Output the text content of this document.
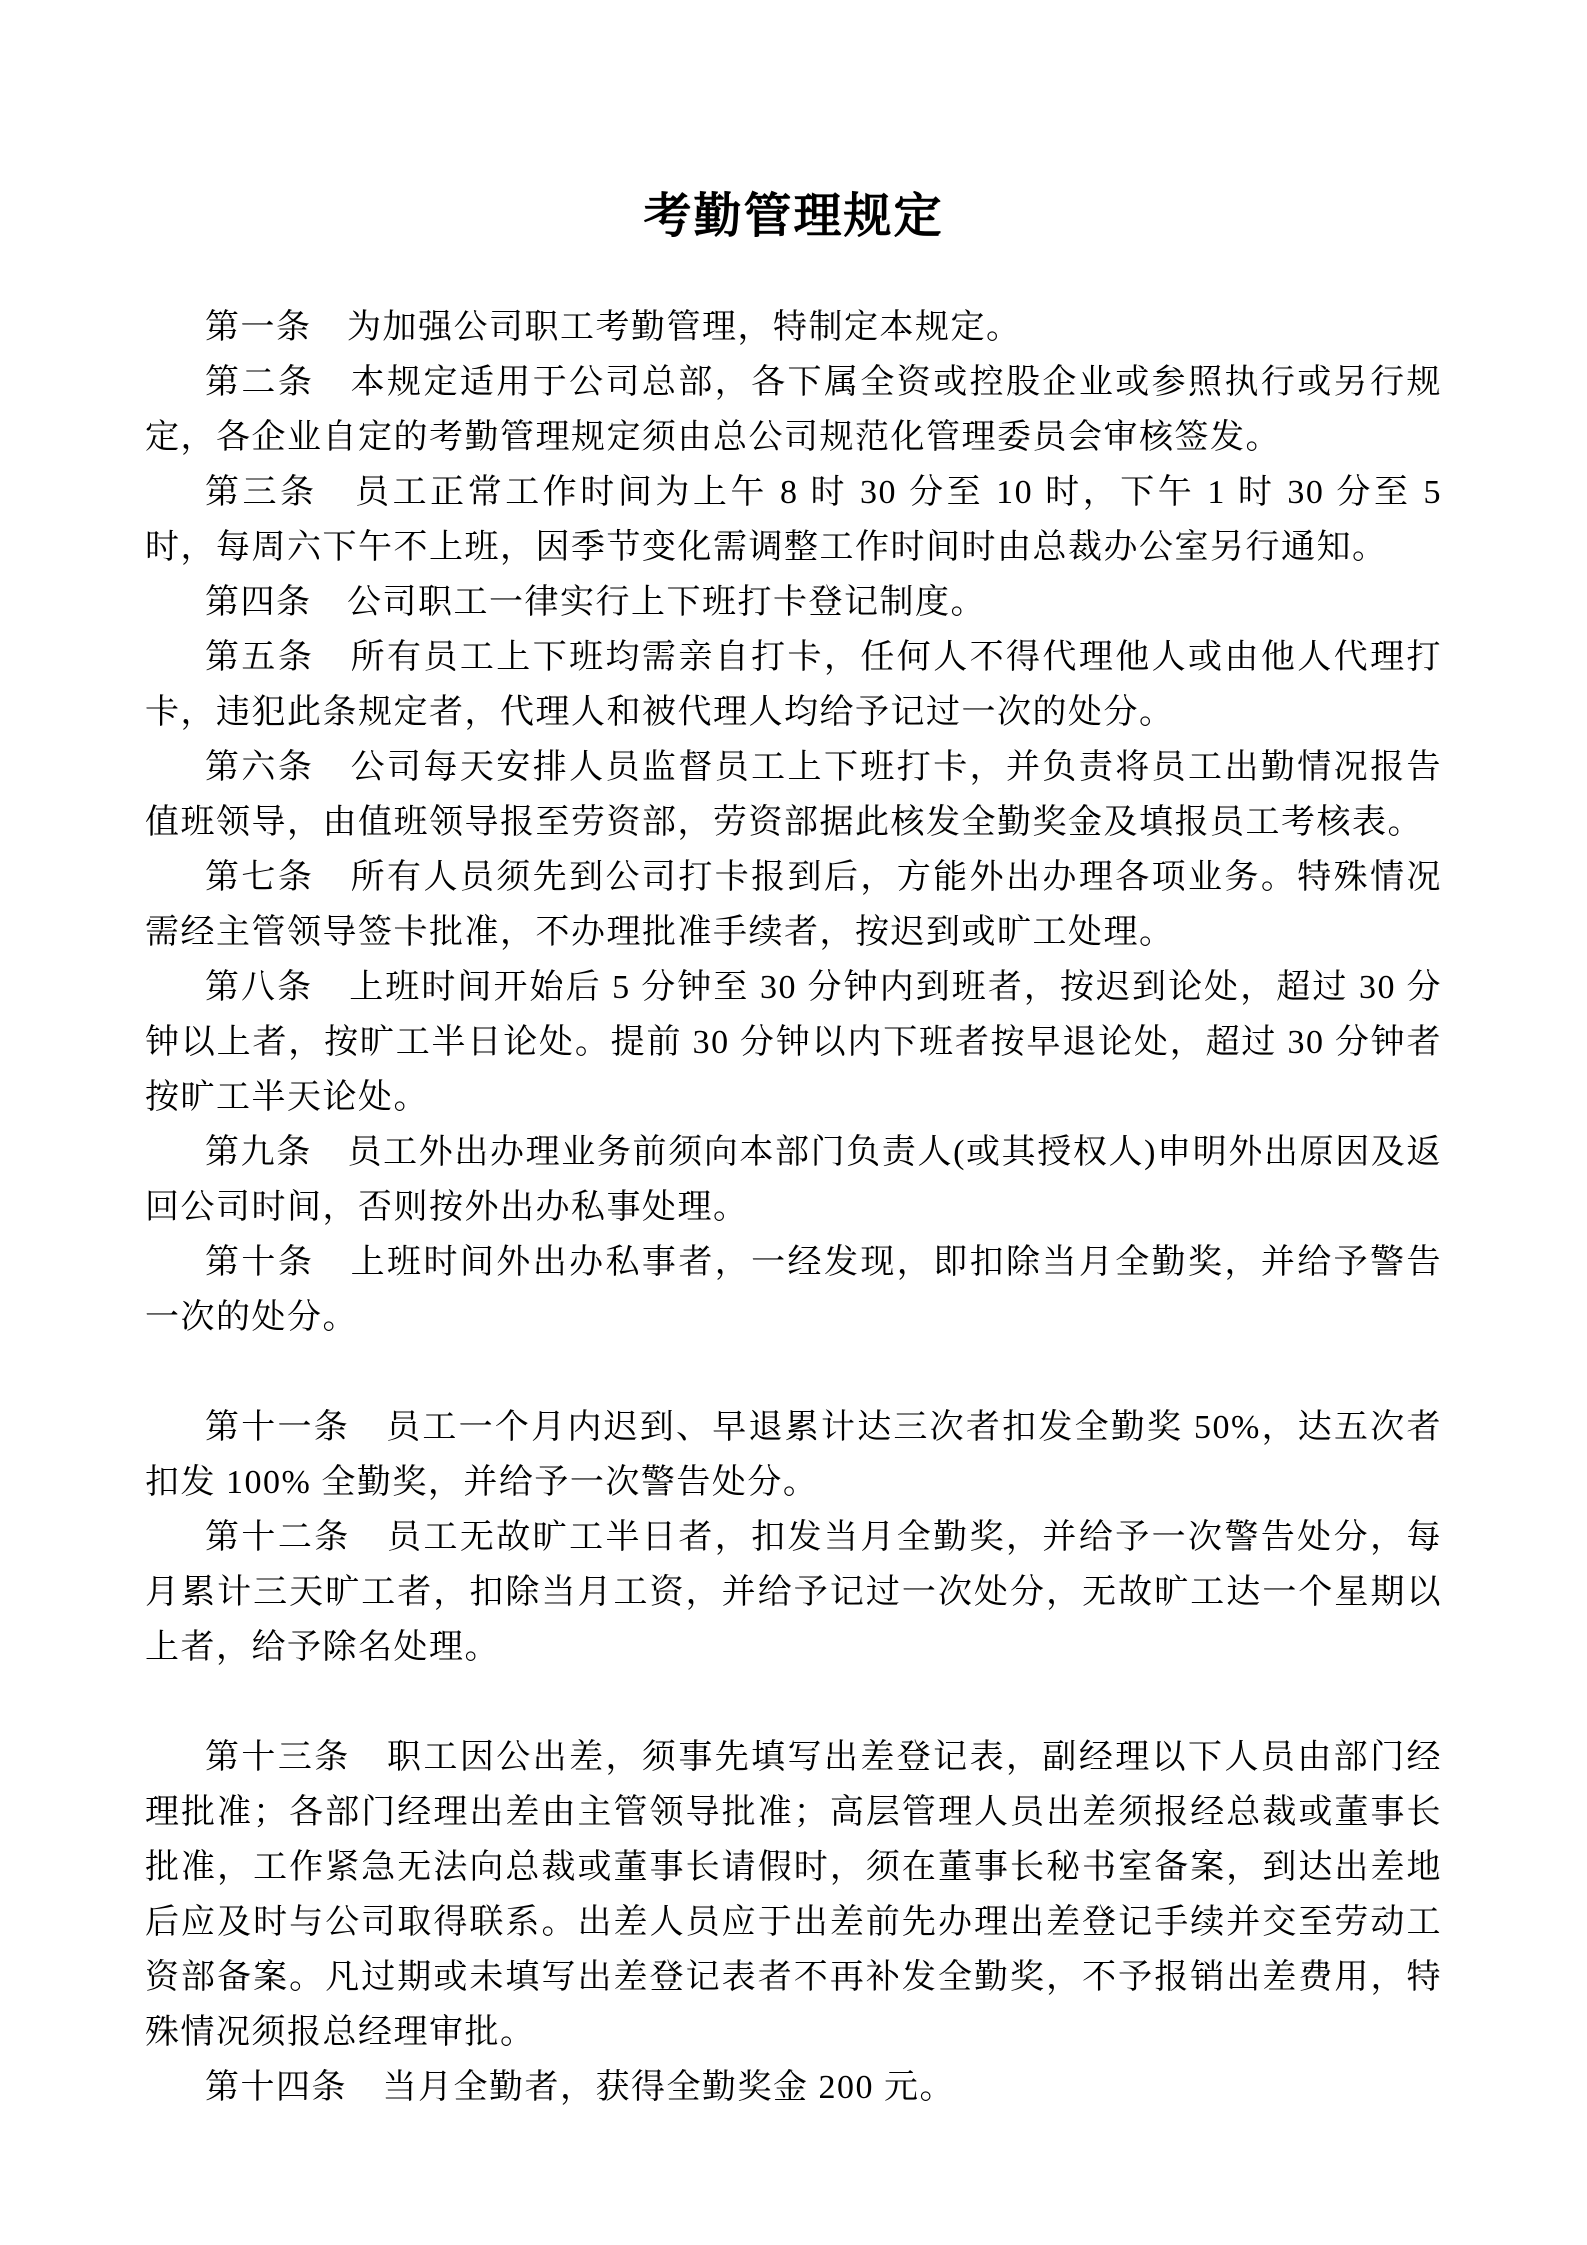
考勤管理规定

第一条　为加强公司职工考勤管理，特制定本规定。

第二条　本规定适用于公司总部，各下属全资或控股企业或参照执行或另行规定，各企业自定的考勤管理规定须由总公司规范化管理委员会审核签发。

第三条　员工正常工作时间为上午 8 时 30 分至 10 时，下午 1 时 30 分至 5 时，每周六下午不上班，因季节变化需调整工作时间时由总裁办公室另行通知。

第四条　公司职工一律实行上下班打卡登记制度。

第五条　所有员工上下班均需亲自打卡，任何人不得代理他人或由他人代理打卡，违犯此条规定者，代理人和被代理人均给予记过一次的处分。

第六条　公司每天安排人员监督员工上下班打卡，并负责将员工出勤情况报告值班领导，由值班领导报至劳资部，劳资部据此核发全勤奖金及填报员工考核表。

第七条　所有人员须先到公司打卡报到后，方能外出办理各项业务。特殊情况需经主管领导签卡批准，不办理批准手续者，按迟到或旷工处理。

第八条　上班时间开始后 5 分钟至 30 分钟内到班者，按迟到论处，超过 30 分钟以上者，按旷工半日论处。提前 30 分钟以内下班者按早退论处，超过 30 分钟者按旷工半天论处。

第九条　员工外出办理业务前须向本部门负责人(或其授权人)申明外出原因及返回公司时间，否则按外出办私事处理。

第十条　上班时间外出办私事者，一经发现，即扣除当月全勤奖，并给予警告一次的处分。

第十一条　员工一个月内迟到、早退累计达三次者扣发全勤奖 50%，达五次者扣发 100% 全勤奖，并给予一次警告处分。

第十二条　员工无故旷工半日者，扣发当月全勤奖，并给予一次警告处分，每月累计三天旷工者，扣除当月工资，并给予记过一次处分，无故旷工达一个星期以上者，给予除名处理。

第十三条　职工因公出差，须事先填写出差登记表，副经理以下人员由部门经理批准；各部门经理出差由主管领导批准；高层管理人员出差须报经总裁或董事长批准，工作紧急无法向总裁或董事长请假时，须在董事长秘书室备案，到达出差地后应及时与公司取得联系。出差人员应于出差前先办理出差登记手续并交至劳动工资部备案。凡过期或未填写出差登记表者不再补发全勤奖，不予报销出差费用，特殊情况须报总经理审批。

第十四条　当月全勤者，获得全勤奖金 200 元。
